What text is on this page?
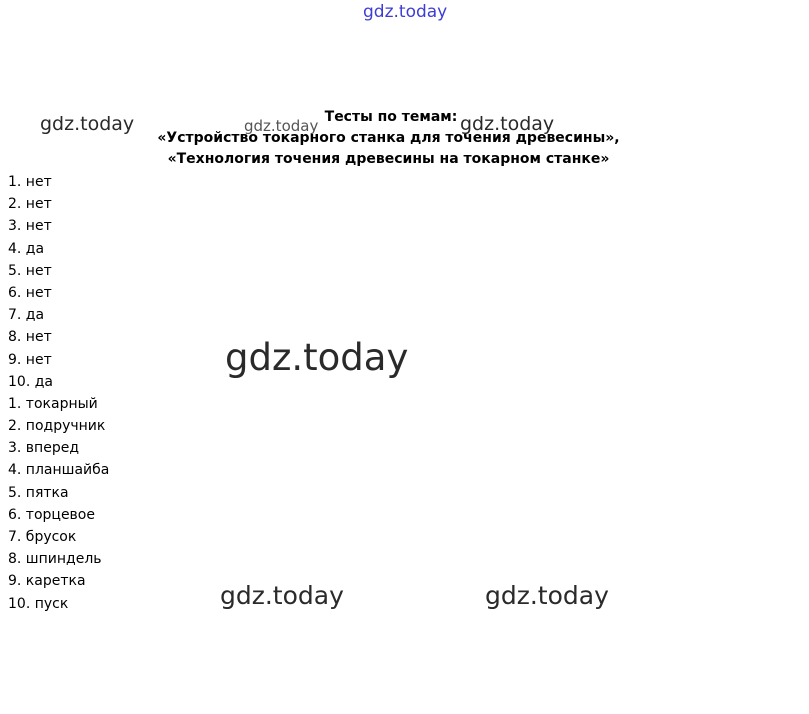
gdz.today
gdz.today	gdz.today	gdz.today
Тесты по темам:
«Устройство токарного станка для точения древесины»,
«Технология точения древесины на токарном станке»
1. нет
2. нет
3. нет
4. да
5. нет
6. нет
7. да
8. нет
9. нет
10. да
1. токарный
2. подручник
3. вперед
4. планшайба
5. пятка
6. торцевое
7. брусок
8. шпиндель
9. каретка
10. пуск
gdz.today
gdz.today	gdz.today
